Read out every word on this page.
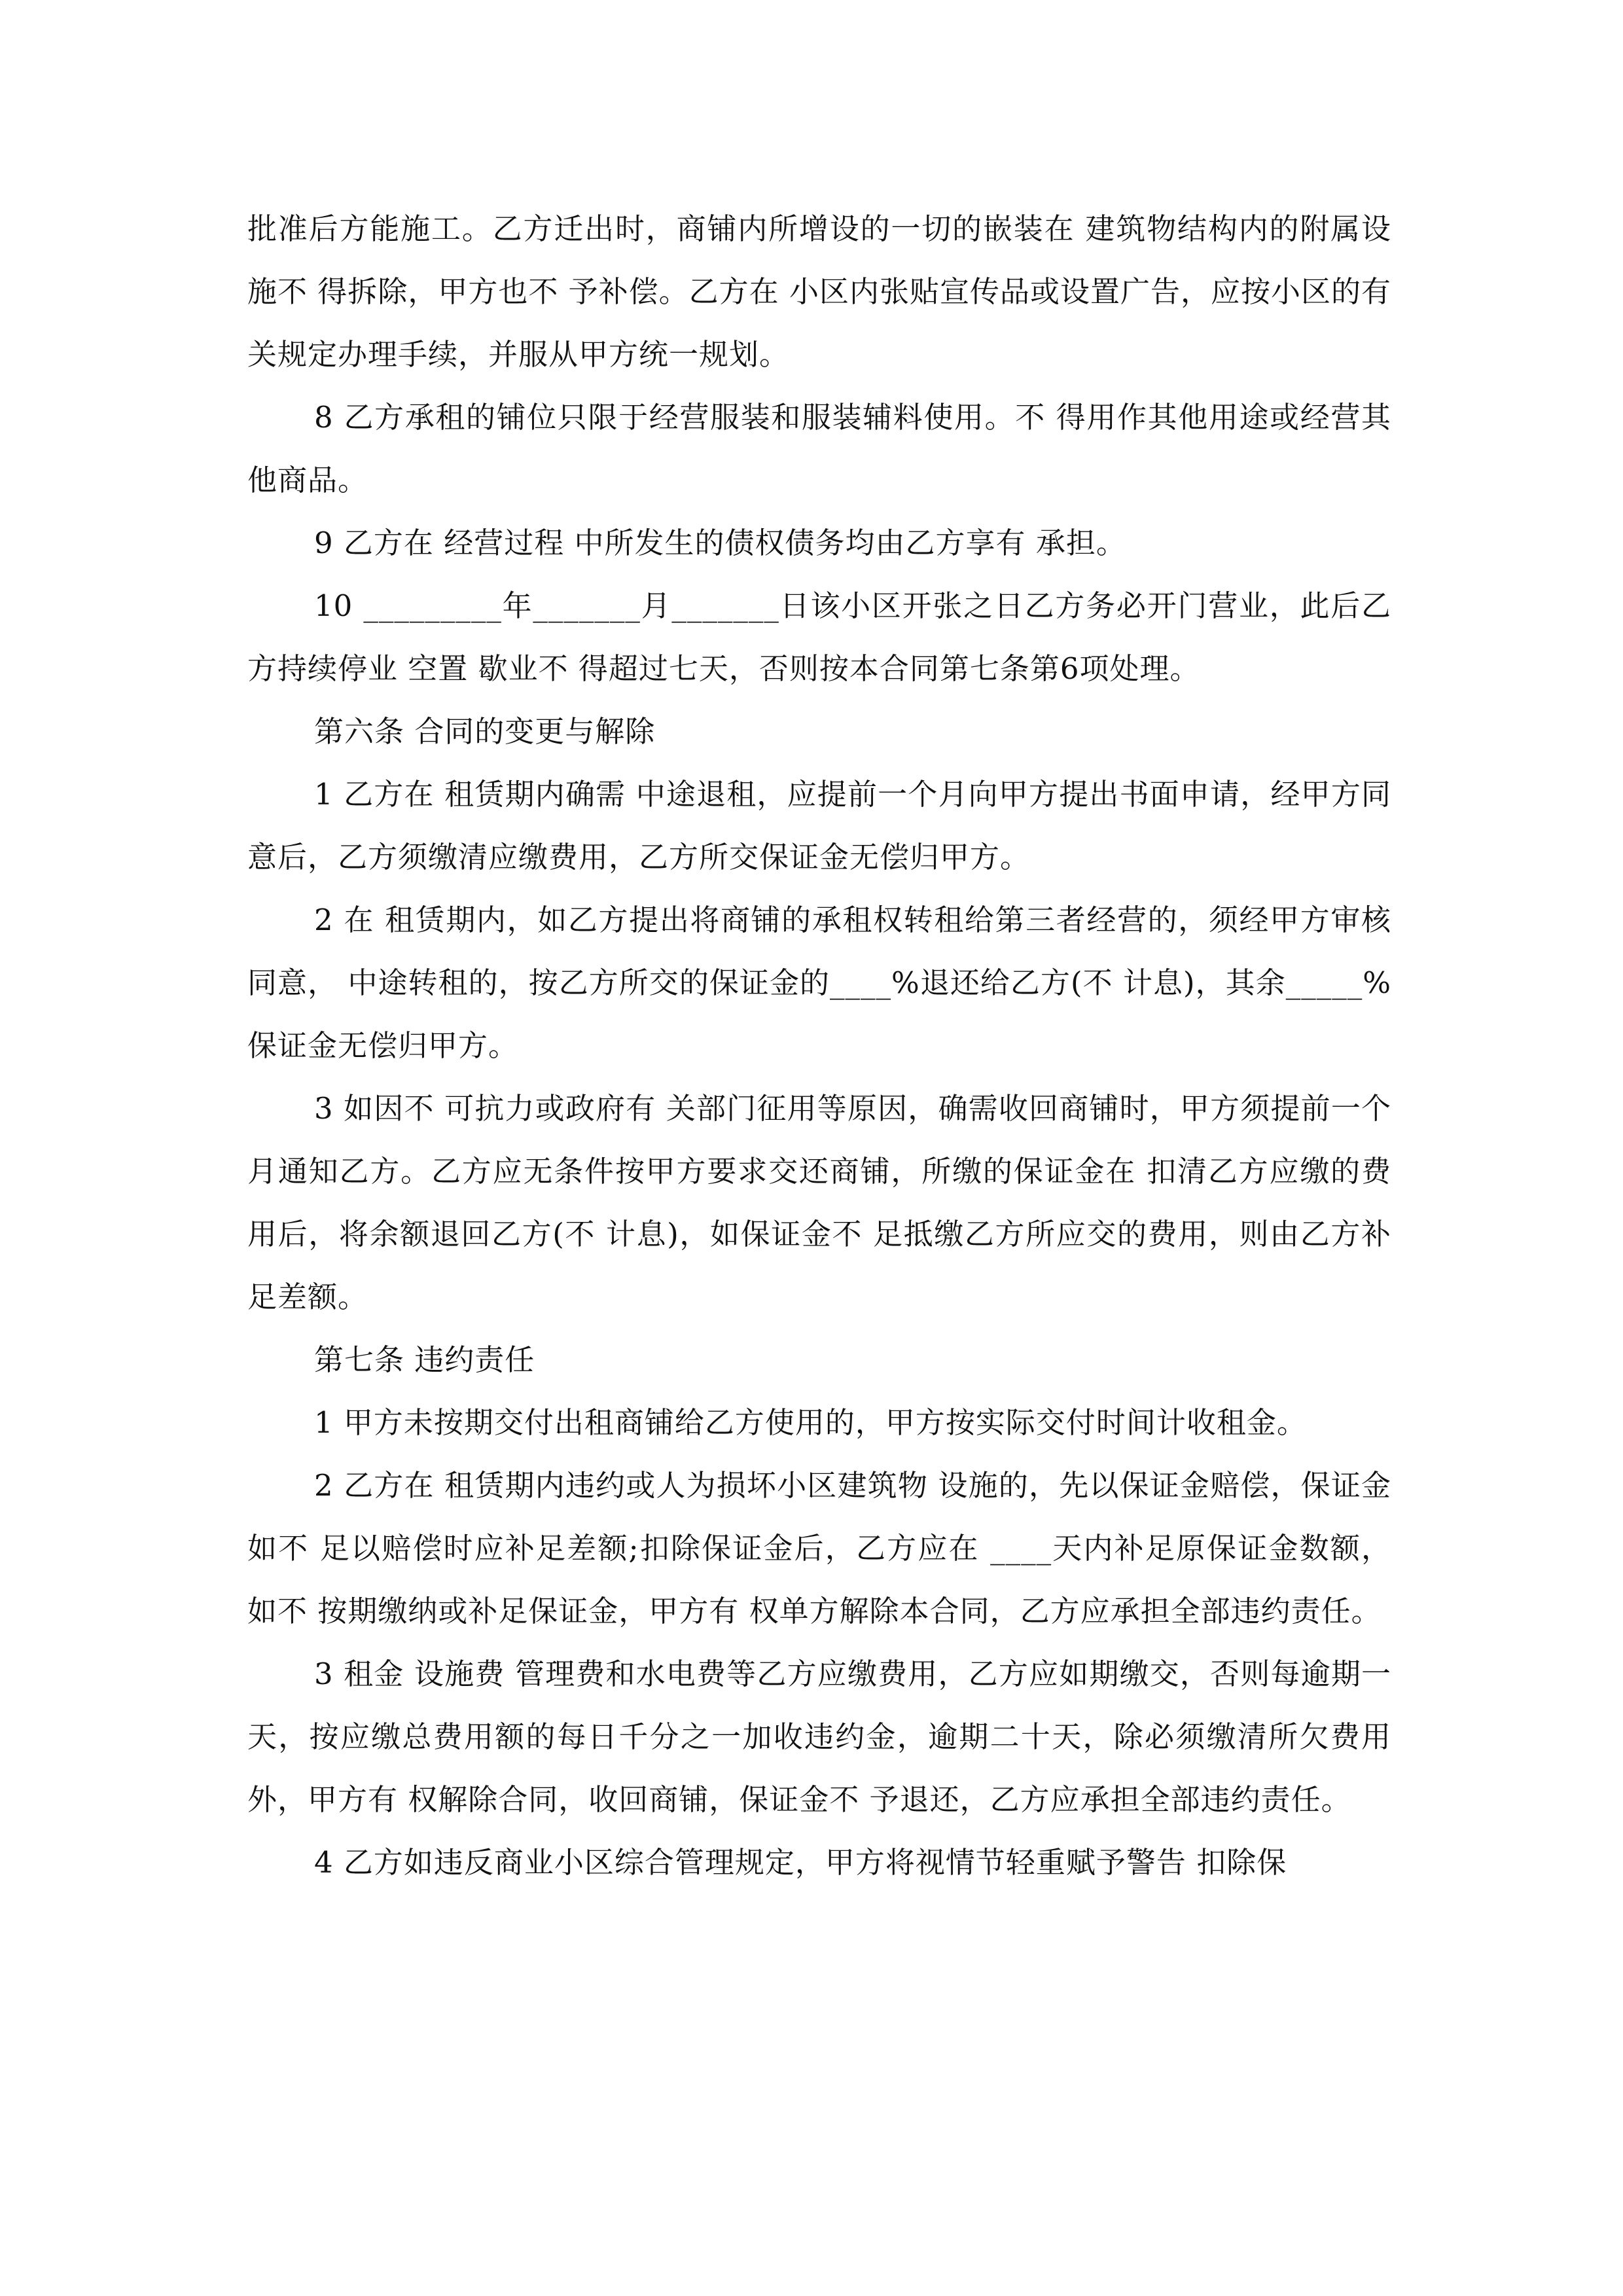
批准后方能施工。乙方迁出时，商铺内所增设的一切的嵌装在 建筑物结构内的附属设施不 得拆除，甲方也不 予补偿。乙方在 小区内张贴宣传品或设置广告，应按小区的有 关规定办理手续，并服从甲方统一规划。

8 乙方承租的铺位只限于经营服装和服装辅料使用。不 得用作其他用途或经营其他商品。

9 乙方在 经营过程 中所发生的债权债务均由乙方享有 承担。

10 _________年_______月_______日该小区开张之日乙方务必开门营业，此后乙方持续停业 空置 歇业不 得超过七天，否则按本合同第七条第6项处理。

第六条 合同的变更与解除

1 乙方在 租赁期内确需 中途退租，应提前一个月向甲方提出书面申请，经甲方同意后，乙方须缴清应缴费用，乙方所交保证金无偿归甲方。

2 在 租赁期内，如乙方提出将商铺的承租权转租给第三者经营的，须经甲方审核同意， 中途转租的，按乙方所交的保证金的____%退还给乙方(不 计息)，其余_____%保证金无偿归甲方。

3 如因不 可抗力或政府有 关部门征用等原因，确需收回商铺时，甲方须提前一个月通知乙方。乙方应无条件按甲方要求交还商铺，所缴的保证金在 扣清乙方应缴的费用后，将余额退回乙方(不 计息)，如保证金不 足抵缴乙方所应交的费用，则由乙方补足差额。

第七条 违约责任

1 甲方未按期交付出租商铺给乙方使用的，甲方按实际交付时间计收租金。

2 乙方在 租赁期内违约或人为损坏小区建筑物 设施的，先以保证金赔偿，保证金如不 足以赔偿时应补足差额;扣除保证金后，乙方应在 ____天内补足原保证金数额，如不 按期缴纳或补足保证金，甲方有 权单方解除本合同，乙方应承担全部违约责任。

3 租金 设施费 管理费和水电费等乙方应缴费用，乙方应如期缴交，否则每逾期一天，按应缴总费用额的每日千分之一加收违约金，逾期二十天，除必须缴清所欠费用外，甲方有 权解除合同，收回商铺，保证金不 予退还，乙方应承担全部违约责任。

4 乙方如违反商业小区综合管理规定，甲方将视情节轻重赋予警告 扣除保
